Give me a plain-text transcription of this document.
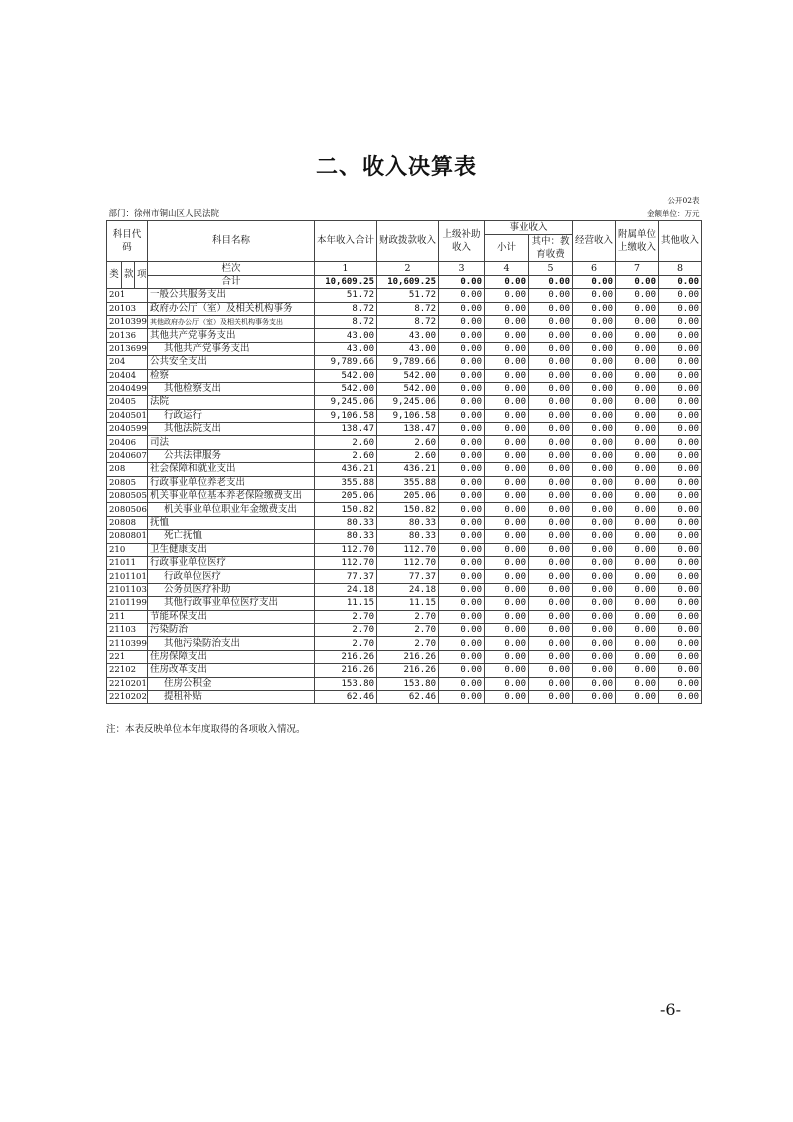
二、收入决算表
公开02表											

部门：徐州市铜山区人民法院								金额单位：万元			

科目代码			科目名称	本年收入合计	财政拨款收入	上级补助收入	事业收入		经营收入	附属单位上缴收入	其他收入
							小计	其中：教育收费			

类	款	项	栏次	1	2	3	4	5	6	7	8
			合计	10,609.25	10,609.25	0.00	0.00	0.00	0.00	0.00	0.00
201			一般公共服务支出	51.72	51.72	0.00	0.00	0.00	0.00	0.00	0.00
20103			政府办公厅（室）及相关机构事务	8.72	8.72	0.00	0.00	0.00	0.00	0.00	0.00
2010399			其他政府办公厅（室）及相关机构事务支出	8.72	8.72	0.00	0.00	0.00	0.00	0.00	0.00
20136			其他共产党事务支出	43.00	43.00	0.00	0.00	0.00	0.00	0.00	0.00
2013699			其他共产党事务支出	43.00	43.00	0.00	0.00	0.00	0.00	0.00	0.00
204			公共安全支出	9,789.66	9,789.66	0.00	0.00	0.00	0.00	0.00	0.00
20404			检察	542.00	542.00	0.00	0.00	0.00	0.00	0.00	0.00
2040499			其他检察支出	542.00	542.00	0.00	0.00	0.00	0.00	0.00	0.00
20405			法院	9,245.06	9,245.06	0.00	0.00	0.00	0.00	0.00	0.00
2040501			行政运行	9,106.58	9,106.58	0.00	0.00	0.00	0.00	0.00	0.00
2040599			其他法院支出	138.47	138.47	0.00	0.00	0.00	0.00	0.00	0.00
20406			司法	2.60	2.60	0.00	0.00	0.00	0.00	0.00	0.00
2040607			公共法律服务	2.60	2.60	0.00	0.00	0.00	0.00	0.00	0.00
208			社会保障和就业支出	436.21	436.21	0.00	0.00	0.00	0.00	0.00	0.00
20805			行政事业单位养老支出	355.88	355.88	0.00	0.00	0.00	0.00	0.00	0.00
2080505			机关事业单位基本养老保险缴费支出	205.06	205.06	0.00	0.00	0.00	0.00	0.00	0.00
2080506			机关事业单位职业年金缴费支出	150.82	150.82	0.00	0.00	0.00	0.00	0.00	0.00
20808			抚恤	80.33	80.33	0.00	0.00	0.00	0.00	0.00	0.00
2080801			死亡抚恤	80.33	80.33	0.00	0.00	0.00	0.00	0.00	0.00
210			卫生健康支出	112.70	112.70	0.00	0.00	0.00	0.00	0.00	0.00
21011			行政事业单位医疗	112.70	112.70	0.00	0.00	0.00	0.00	0.00	0.00
2101101			行政单位医疗	77.37	77.37	0.00	0.00	0.00	0.00	0.00	0.00
2101103			公务员医疗补助	24.18	24.18	0.00	0.00	0.00	0.00	0.00	0.00
2101199			其他行政事业单位医疗支出	11.15	11.15	0.00	0.00	0.00	0.00	0.00	0.00
211			节能环保支出	2.70	2.70	0.00	0.00	0.00	0.00	0.00	0.00
21103			污染防治	2.70	2.70	0.00	0.00	0.00	0.00	0.00	0.00
2110399			其他污染防治支出	2.70	2.70	0.00	0.00	0.00	0.00	0.00	0.00
221			住房保障支出	216.26	216.26	0.00	0.00	0.00	0.00	0.00	0.00
22102			住房改革支出	216.26	216.26	0.00	0.00	0.00	0.00	0.00	0.00
2210201			住房公积金	153.80	153.80	0.00	0.00	0.00	0.00	0.00	0.00
2210202			提租补贴	62.46	62.46	0.00	0.00	0.00	0.00	0.00	0.00
注：本表反映单位本年度取得的各项收入情况。
-6-
